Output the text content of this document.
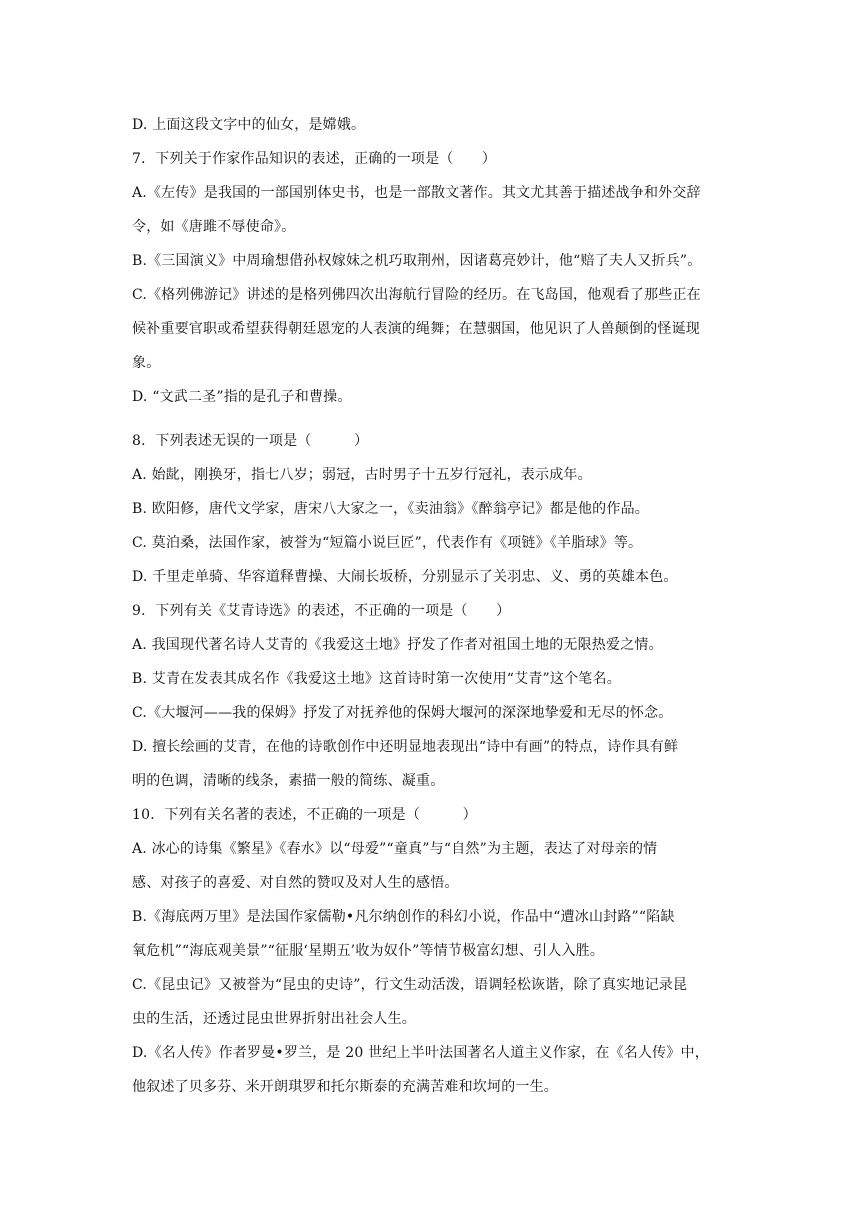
D. 上面这段文字中的仙女，是嫦娥。
7．下列关于作家作品知识的表述，正确的一项是（　　）
A.《左传》是我国的一部国别体史书，也是一部散文著作。其文尤其善于描述战争和外交辞
令，如《唐雎不辱使命》。
B.《三国演义》中周瑜想借孙权嫁妹之机巧取荆州，因诸葛亮妙计，他“赔了夫人又折兵”。
C.《格列佛游记》讲述的是格列佛四次出海航行冒险的经历。在飞岛国，他观看了那些正在
候补重要官职或希望获得朝廷恩宠的人表演的绳舞；在慧骃国，他见识了人兽颠倒的怪诞现
象。
D. “文武二圣”指的是孔子和曹操。
8．下列表述无误的一项是（　　　）
A. 始龀，刚换牙，指七八岁；弱冠，古时男子十五岁行冠礼，表示成年。
B. 欧阳修，唐代文学家，唐宋八大家之一，《卖油翁》《醉翁亭记》都是他的作品。
C. 莫泊桑，法国作家，被誉为“短篇小说巨匠”，代表作有《项链》《羊脂球》等。
D. 千里走单骑、华容道释曹操、大闹长坂桥，分别显示了关羽忠、义、勇的英雄本色。
9．下列有关《艾青诗选》的表述，不正确的一项是（　　）
A. 我国现代著名诗人艾青的《我爱这土地》抒发了作者对祖国土地的无限热爱之情。
B. 艾青在发表其成名作《我爱这土地》这首诗时第一次使用“艾青”这个笔名。
C.《大堰河——我的保姆》抒发了对抚养他的保姆大堰河的深深地挚爱和无尽的怀念。
D. 擅长绘画的艾青，在他的诗歌创作中还明显地表现出“诗中有画”的特点，诗作具有鲜
明的色调，清晰的线条，素描一般的简练、凝重。
10．下列有关名著的表述，不正确的一项是（　　　）
A. 冰心的诗集《繁星》《春水》以“母爱”“童真”与“自然”为主题，表达了对母亲的情
感、对孩子的喜爱、对自然的赞叹及对人生的感悟。
B.《海底两万里》是法国作家儒勒•凡尔纳创作的科幻小说，作品中“遭冰山封路”“陷缺
氧危机”“海底观美景”“征服‘星期五’收为奴仆”等情节极富幻想、引人入胜。
C.《昆虫记》又被誉为“昆虫的史诗”，行文生动活泼，语调轻松诙谐，除了真实地记录昆
虫的生活，还透过昆虫世界折射出社会人生。
D.《名人传》作者罗曼•罗兰，是 20 世纪上半叶法国著名人道主义作家，在《名人传》中，
他叙述了贝多芬、米开朗琪罗和托尔斯泰的充满苦难和坎坷的一生。
